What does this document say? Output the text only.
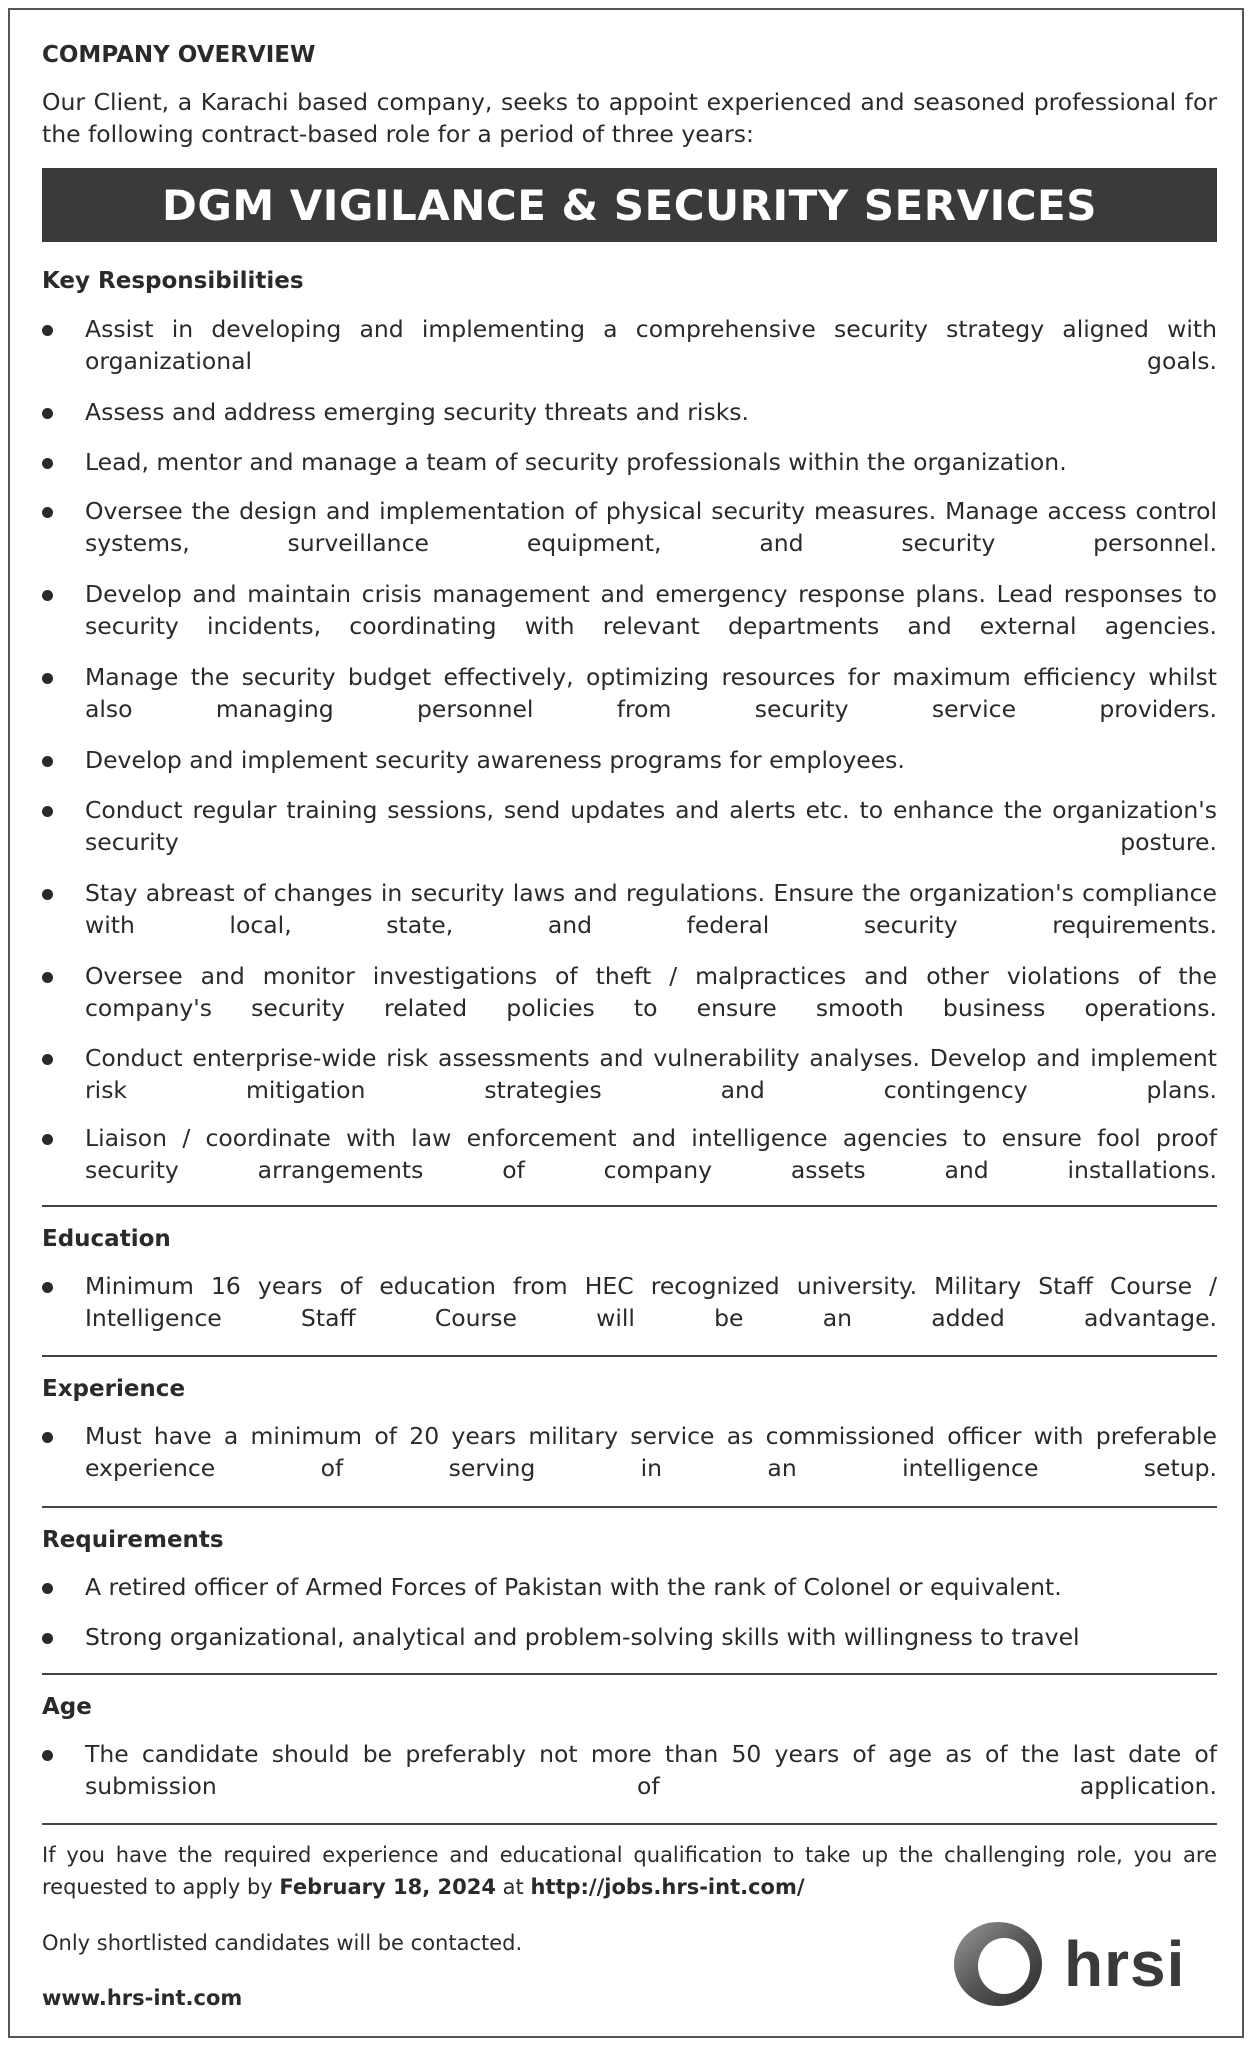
COMPANY OVERVIEW
Our Client, a Karachi based company, seeks to appoint experienced and seasoned professional for the following contract-based role for a period of three years:
DGM VIGILANCE & SECURITY SERVICES
Key Responsibilities
Assist in developing and implementing a comprehensive security strategy aligned with organizational goals.
Assess and address emerging security threats and risks.
Lead, mentor and manage a team of security professionals within the organization.
Oversee the design and implementation of physical security measures. Manage access control systems, surveillance equipment, and security personnel.
Develop and maintain crisis management and emergency response plans. Lead responses to security incidents, coordinating with relevant departments and external agencies.
Manage the security budget effectively, optimizing resources for maximum efficiency whilst also managing personnel from security service providers.
Develop and implement security awareness programs for employees.
Conduct regular training sessions, send updates and alerts etc. to enhance the organization's security posture.
Stay abreast of changes in security laws and regulations. Ensure the organization's compliance with local, state, and federal security requirements.
Oversee and monitor investigations of theft / malpractices and other violations of the company's security related policies to ensure smooth business operations.
Conduct enterprise-wide risk assessments and vulnerability analyses. Develop and implement risk mitigation strategies and contingency plans.
Liaison / coordinate with law enforcement and intelligence agencies to ensure fool proof security arrangements of company assets and installations.
Education
Minimum 16 years of education from HEC recognized university. Military Staff Course / Intelligence Staff Course will be an added advantage.
Experience
Must have a minimum of 20 years military service as commissioned officer with preferable experience of serving in an intelligence setup.
Requirements
A retired officer of Armed Forces of Pakistan with the rank of Colonel or equivalent.
Strong organizational, analytical and problem-solving skills with willingness to travel
Age
The candidate should be preferably not more than 50 years of age as of the last date of submission of application.
If you have the required experience and educational qualification to take up the challenging role, you are requested to apply by February 18, 2024 at http://jobs.hrs-int.com/
Only shortlisted candidates will be contacted.
www.hrs-int.com	hrsi
